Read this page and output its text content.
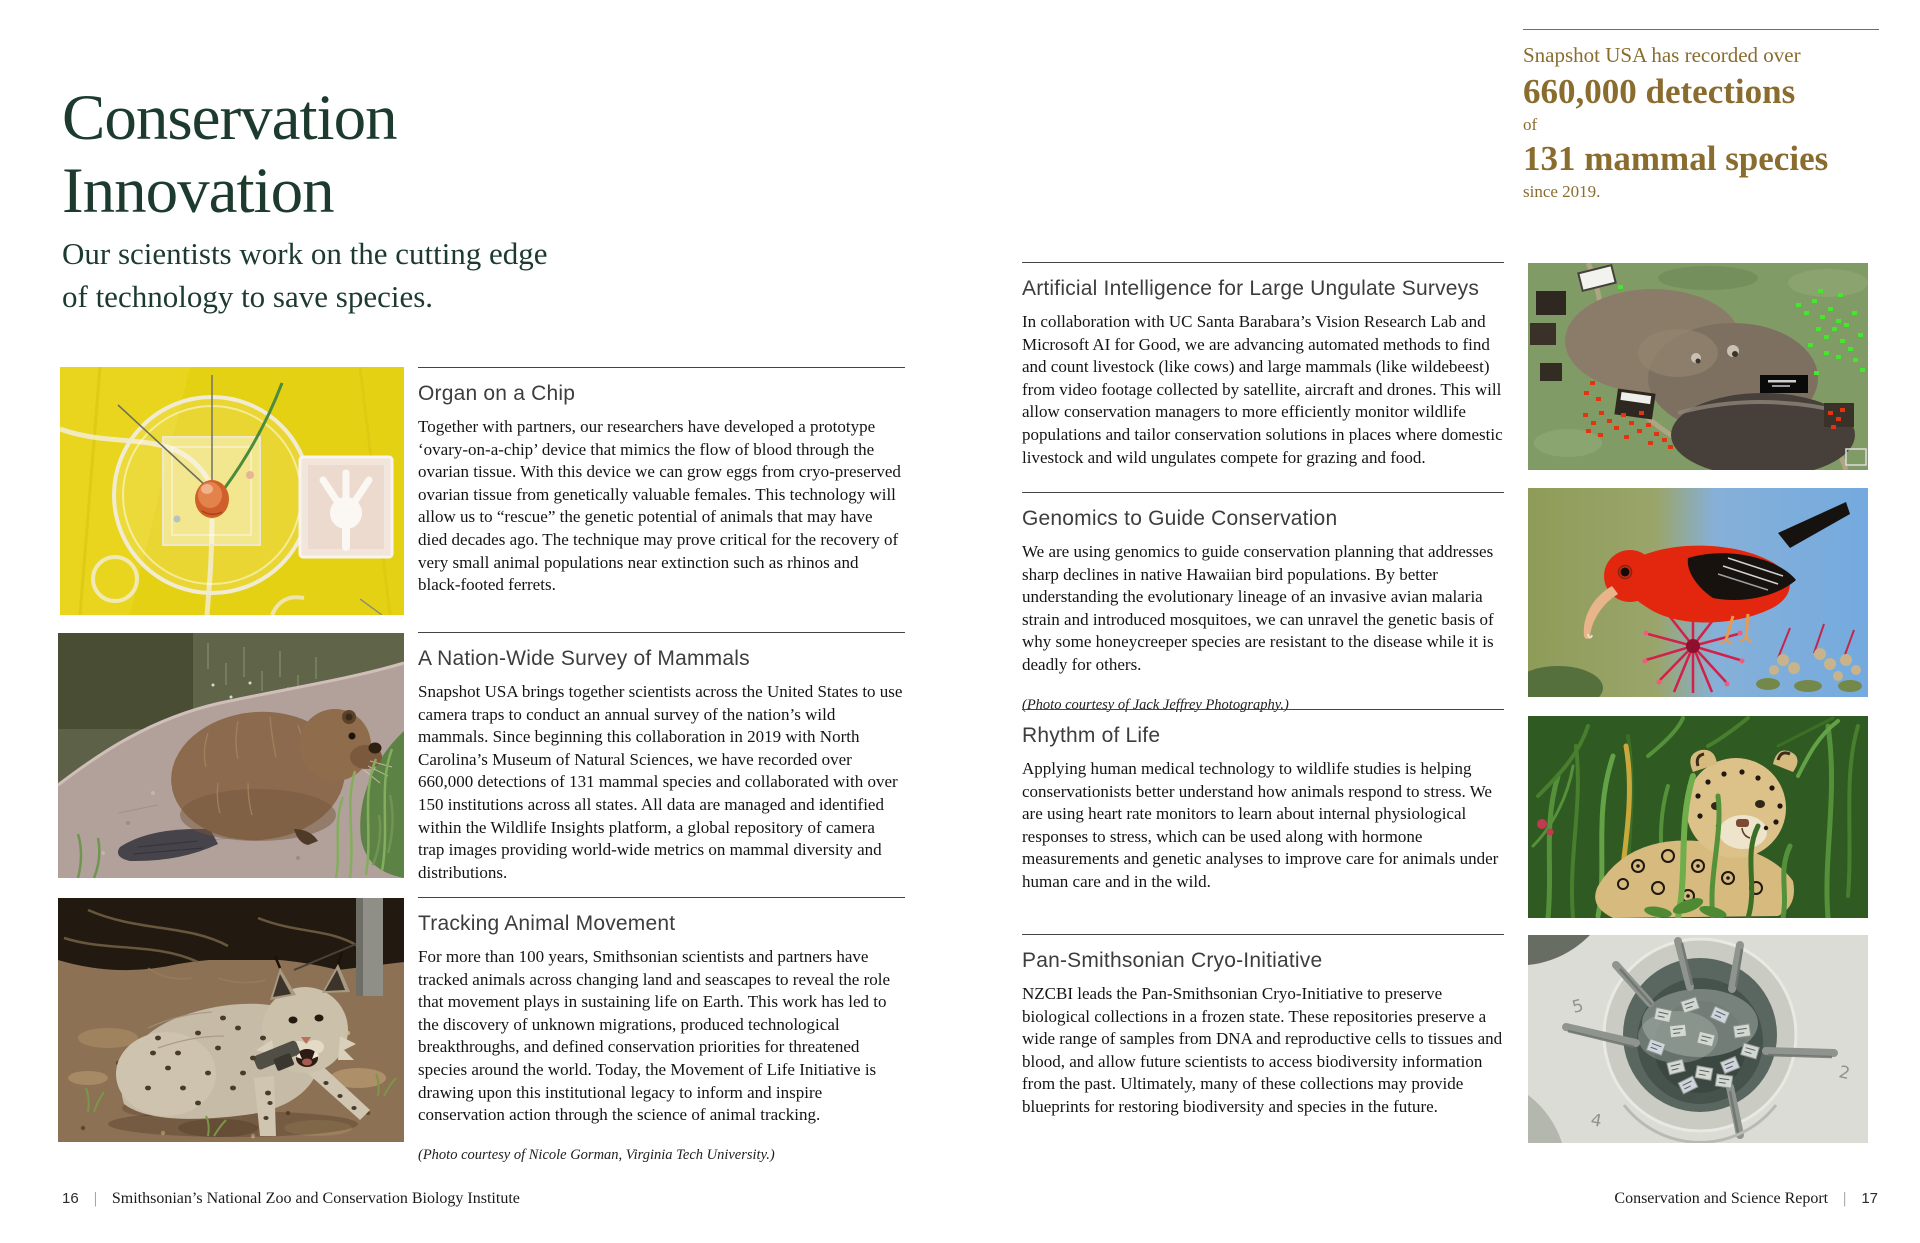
Conservation
Innovation
Our scientists work on the cutting edge
of technology to save species.
Organ on a Chip

Together with partners, our researchers have developed a prototype ‘ovary-on-a-chip’ device that mimics the flow of blood through the ovarian tissue. With this device we can grow eggs from cryo-preserved ovarian tissue from genetically valuable females. This technology will allow us to “rescue” the genetic potential of animals that may have died decades ago. The technique may prove critical for the recovery of very small animal populations near extinction such as rhinos and black-footed ferrets.

A Nation-Wide Survey of Mammals

Snapshot USA brings together scientists across the United States to use camera traps to conduct an annual survey of the nation’s wild mammals. Since beginning this collaboration in 2019 with North Carolina’s Museum of Natural Sciences, we have recorded over 660,000 detections of 131 mammal species and collaborated with over 150 institutions across all states. All data are managed and identified within the Wildlife Insights platform, a global repository of camera trap images providing world-wide metrics on mammal diversity and distributions.

Tracking Animal Movement

For more than 100 years, Smithsonian scientists and partners have tracked animals across changing land and seascapes to reveal the role that movement plays in sustaining life on Earth. This work has led to the discovery of unknown migrations, produced technological breakthroughs, and defined conservation priorities for threatened species around the world. Today, the Movement of Life Initiative is drawing upon this institutional legacy to inform and inspire conservation action through the science of animal tracking.

(Photo courtesy of Nicole Gorman, Virginia Tech University.)

16 | Smithsonian’s National Zoo and Conservation Biology Institute
Snapshot USA has recorded over
660,000 detections
of
131 mammal species
since 2019.
Artificial Intelligence for Large Ungulate Surveys

In collaboration with UC Santa Barabara’s Vision Research Lab and Microsoft AI for Good, we are advancing automated methods to find and count livestock (like cows) and large mammals (like wildebeest) from video footage collected by satellite, aircraft and drones. This will allow conservation managers to more efficiently monitor wildlife populations and tailor conservation solutions in places where domestic livestock and wild ungulates compete for grazing and food.

Genomics to Guide Conservation

We are using genomics to guide conservation planning that addresses sharp declines in native Hawaiian bird populations. By better understanding the evolutionary lineage of an invasive avian malaria strain and introduced mosquitoes, we can unravel the genetic basis of why some honeycreeper species are resistant to the disease while it is deadly for others.

(Photo courtesy of Jack Jeffrey Photography.)

Rhythm of Life

Applying human medical technology to wildlife studies is helping conservationists better understand how animals respond to stress. We are using heart rate monitors to learn about internal physiological responses to stress, which can be used along with hormone measurements and genetic analyses to improve care for animals under human care and in the wild.

Pan-Smithsonian Cryo-Initiative

NZCBI leads the Pan-Smithsonian Cryo-Initiative to preserve biological collections in a frozen state. These repositories preserve a wide range of samples from DNA and reproductive cells to tissues and blood, and allow future scientists to access biodiversity information from the past. Ultimately, many of these collections may provide blueprints for restoring biodiversity and species in the future.

5
4
2
Conservation and Science Report | 17
